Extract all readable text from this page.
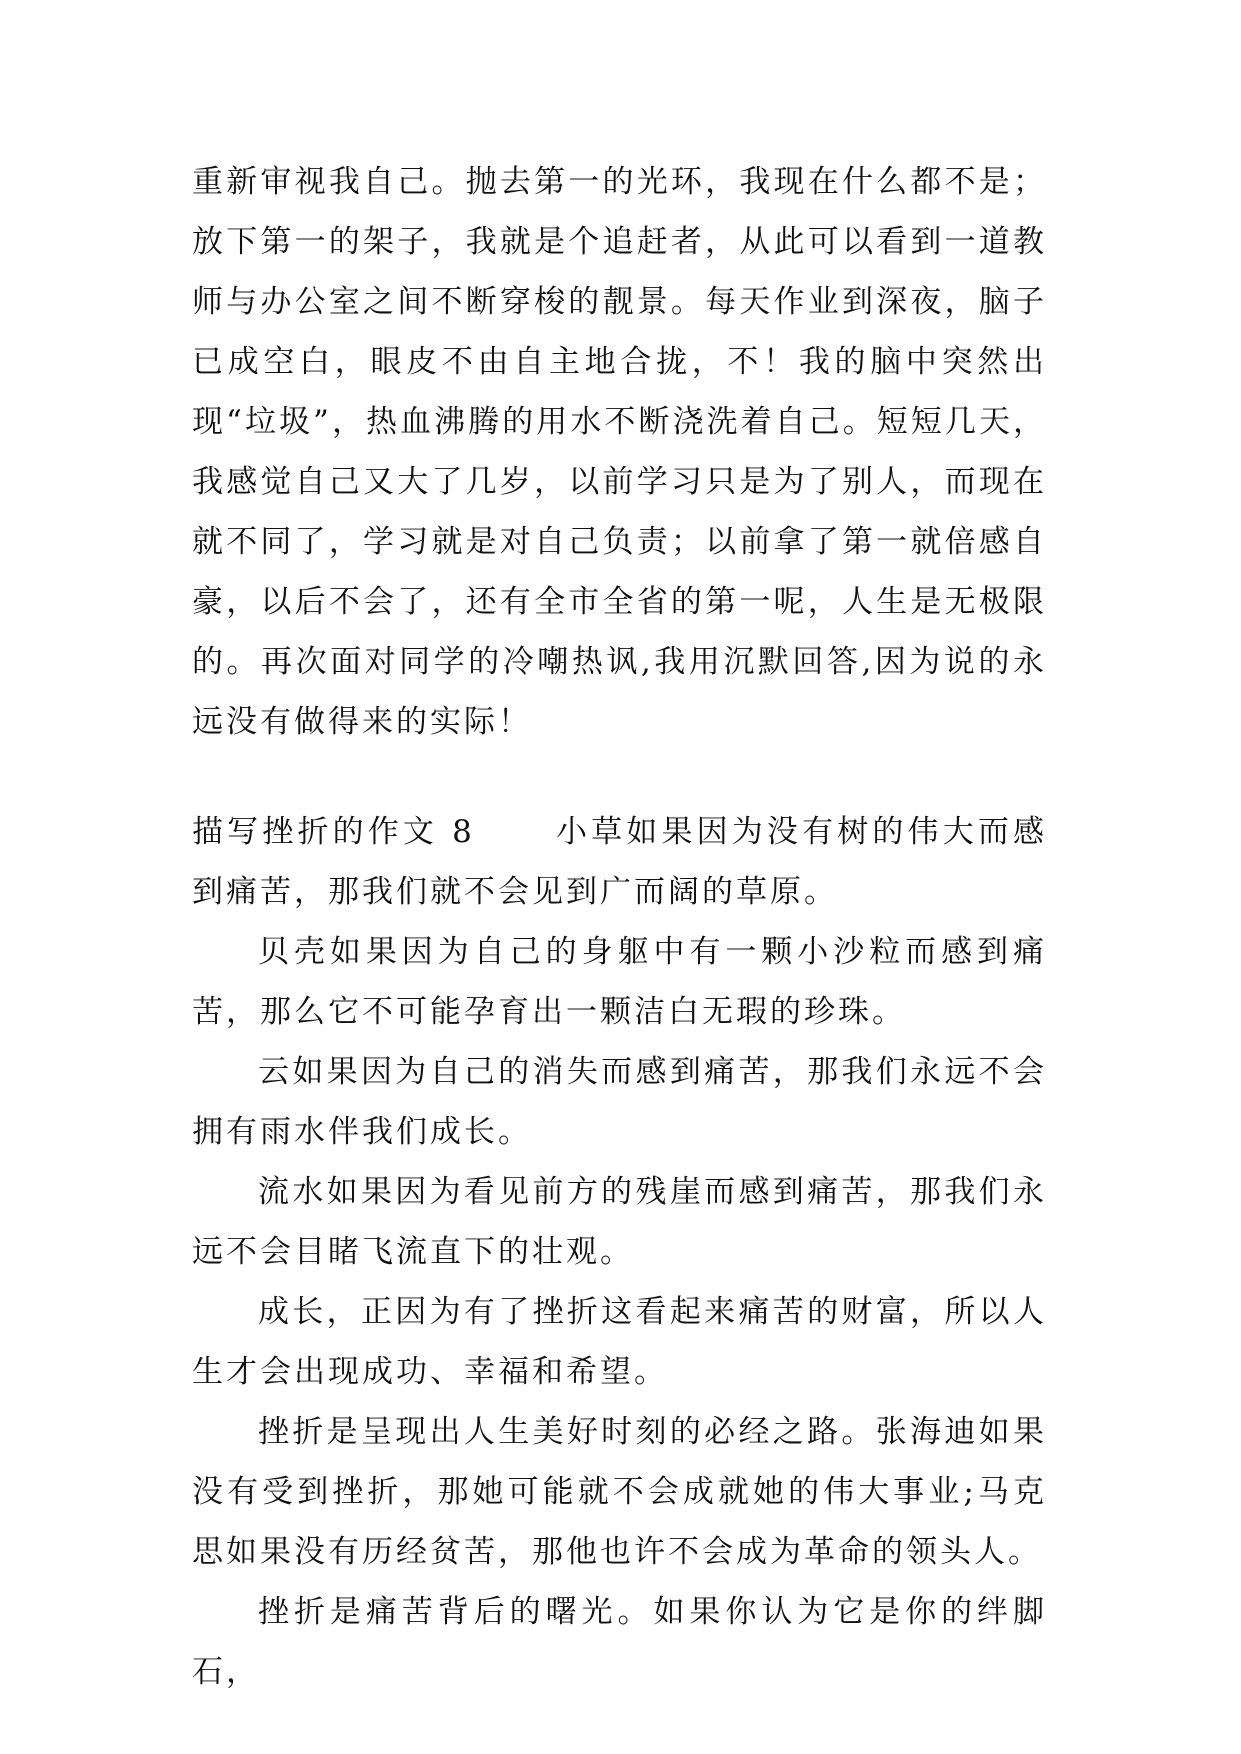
重新审视我自己。抛去第一的光环，我现在什么都不是；放下第一的架子，我就是个追赶者，从此可以看到一道教师与办公室之间不断穿梭的靓景。每天作业到深夜，脑子已成空白，眼皮不由自主地合拢，不！我的脑中突然出现“垃圾”，热血沸腾的用水不断浇洗着自己。短短几天，我感觉自己又大了几岁，以前学习只是为了别人，而现在就不同了，学习就是对自己负责；以前拿了第一就倍感自豪，以后不会了，还有全市全省的第一呢，人生是无极限的。再次面对同学的冷嘲热讽,我用沉默回答,因为说的永远没有做得来的实际！

描写挫折的作文 8	小草如果因为没有树的伟大而感到痛苦，那我们就不会见到广而阔的草原。

贝壳如果因为自己的身躯中有一颗小沙粒而感到痛苦，那么它不可能孕育出一颗洁白无瑕的珍珠。

云如果因为自己的消失而感到痛苦，那我们永远不会拥有雨水伴我们成长。

流水如果因为看见前方的残崖而感到痛苦，那我们永远不会目睹飞流直下的壮观。

成长，正因为有了挫折这看起来痛苦的财富，所以人生才会出现成功、幸福和希望。

挫折是呈现出人生美好时刻的必经之路。张海迪如果没有受到挫折，那她可能就不会成就她的伟大事业;马克思如果没有历经贫苦，那他也许不会成为革命的领头人。

挫折是痛苦背后的曙光。如果你认为它是你的绊脚石，
